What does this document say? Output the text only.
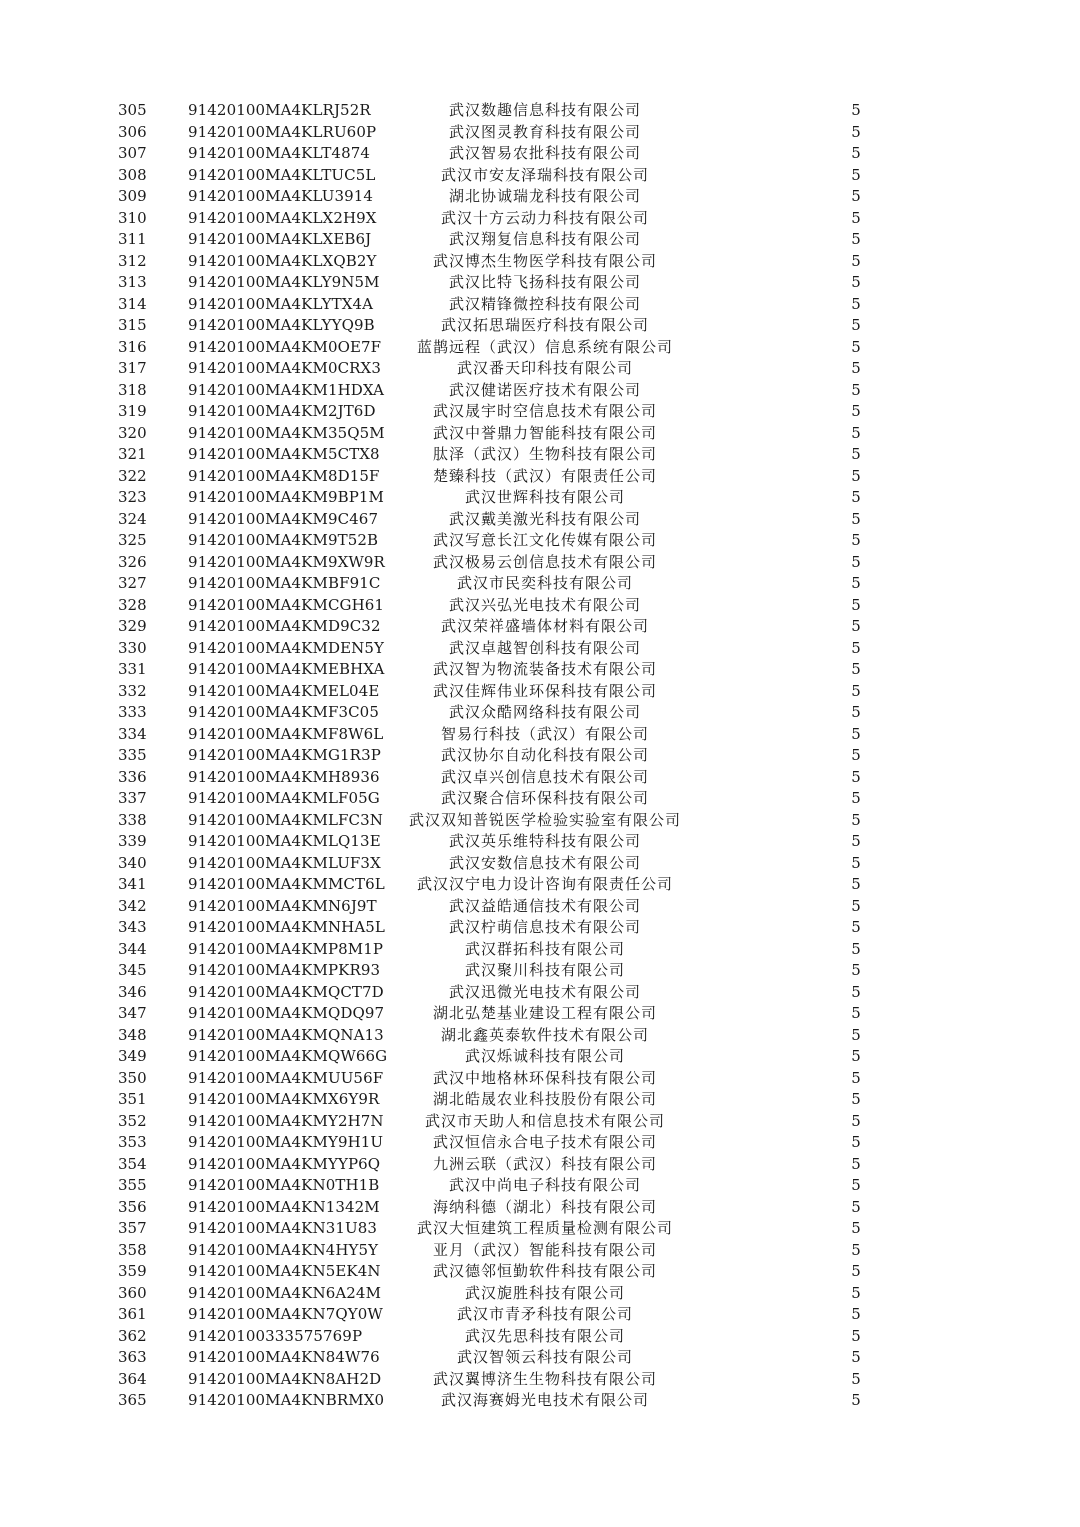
305	91420100MA4KLRJ52R	武汉数趣信息科技有限公司	5
306	91420100MA4KLRU60P	武汉图灵教育科技有限公司	5
307	91420100MA4KLT4874	武汉智易农批科技有限公司	5
308	91420100MA4KLTUC5L	武汉市安友泽瑞科技有限公司	5
309	91420100MA4KLU3914	湖北协诚瑞龙科技有限公司	5
310	91420100MA4KLX2H9X	武汉十方云动力科技有限公司	5
311	91420100MA4KLXEB6J	武汉翔复信息科技有限公司	5
312	91420100MA4KLXQB2Y	武汉博杰生物医学科技有限公司	5
313	91420100MA4KLY9N5M	武汉比特飞扬科技有限公司	5
314	91420100MA4KLYTX4A	武汉精锋微控科技有限公司	5
315	91420100MA4KLYYQ9B	武汉拓思瑞医疗科技有限公司	5
316	91420100MA4KM0OE7F	蓝鹊远程（武汉）信息系统有限公司	5
317	91420100MA4KM0CRX3	武汉番天印科技有限公司	5
318	91420100MA4KM1HDXA	武汉健诺医疗技术有限公司	5
319	91420100MA4KM2JT6D	武汉晟宇时空信息技术有限公司	5
320	91420100MA4KM35Q5M	武汉中誉鼎力智能科技有限公司	5
321	91420100MA4KM5CTX8	肽泽（武汉）生物科技有限公司	5
322	91420100MA4KM8D15F	楚臻科技（武汉）有限责任公司	5
323	91420100MA4KM9BP1M	武汉世辉科技有限公司	5
324	91420100MA4KM9C467	武汉戴美激光科技有限公司	5
325	91420100MA4KM9T52B	武汉写意长江文化传媒有限公司	5
326	91420100MA4KM9XW9R	武汉极易云创信息技术有限公司	5
327	91420100MA4KMBF91C	武汉市民奕科技有限公司	5
328	91420100MA4KMCGH61	武汉兴弘光电技术有限公司	5
329	91420100MA4KMD9C32	武汉荣祥盛墙体材料有限公司	5
330	91420100MA4KMDEN5Y	武汉卓越智创科技有限公司	5
331	91420100MA4KMEBHXA	武汉智为物流装备技术有限公司	5
332	91420100MA4KMEL04E	武汉佳辉伟业环保科技有限公司	5
333	91420100MA4KMF3C05	武汉众酷网络科技有限公司	5
334	91420100MA4KMF8W6L	智易行科技（武汉）有限公司	5
335	91420100MA4KMG1R3P	武汉协尔自动化科技有限公司	5
336	91420100MA4KMH8936	武汉卓兴创信息技术有限公司	5
337	91420100MA4KMLF05G	武汉聚合信环保科技有限公司	5
338	91420100MA4KMLFC3N	武汉双知普锐医学检验实验室有限公司	5
339	91420100MA4KMLQ13E	武汉英乐维特科技有限公司	5
340	91420100MA4KMLUF3X	武汉安数信息技术有限公司	5
341	91420100MA4KMMCT6L	武汉汉宁电力设计咨询有限责任公司	5
342	91420100MA4KMN6J9T	武汉益皓通信技术有限公司	5
343	91420100MA4KMNHA5L	武汉柠萌信息技术有限公司	5
344	91420100MA4KMP8M1P	武汉群拓科技有限公司	5
345	91420100MA4KMPKR93	武汉聚川科技有限公司	5
346	91420100MA4KMQCT7D	武汉迅微光电技术有限公司	5
347	91420100MA4KMQDQ97	湖北弘楚基业建设工程有限公司	5
348	91420100MA4KMQNA13	湖北鑫英泰软件技术有限公司	5
349	91420100MA4KMQW66G	武汉烁诚科技有限公司	5
350	91420100MA4KMUU56F	武汉中地格林环保科技有限公司	5
351	91420100MA4KMX6Y9R	湖北皓晟农业科技股份有限公司	5
352	91420100MA4KMY2H7N	武汉市天助人和信息技术有限公司	5
353	91420100MA4KMY9H1U	武汉恒信永合电子技术有限公司	5
354	91420100MA4KMYYP6Q	九洲云联（武汉）科技有限公司	5
355	91420100MA4KN0TH1B	武汉中尚电子科技有限公司	5
356	91420100MA4KN1342M	海纳科德（湖北）科技有限公司	5
357	91420100MA4KN31U83	武汉大恒建筑工程质量检测有限公司	5
358	91420100MA4KN4HY5Y	亚月（武汉）智能科技有限公司	5
359	91420100MA4KN5EK4N	武汉德邻恒勤软件科技有限公司	5
360	91420100MA4KN6A24M	武汉旎胜科技有限公司	5
361	91420100MA4KN7QY0W	武汉市青矛科技有限公司	5
362	91420100333575769P	武汉先思科技有限公司	5
363	91420100MA4KN84W76	武汉智领云科技有限公司	5
364	91420100MA4KN8AH2D	武汉翼博济生生物科技有限公司	5
365	91420100MA4KNBRMX0	武汉海赛姆光电技术有限公司	5
